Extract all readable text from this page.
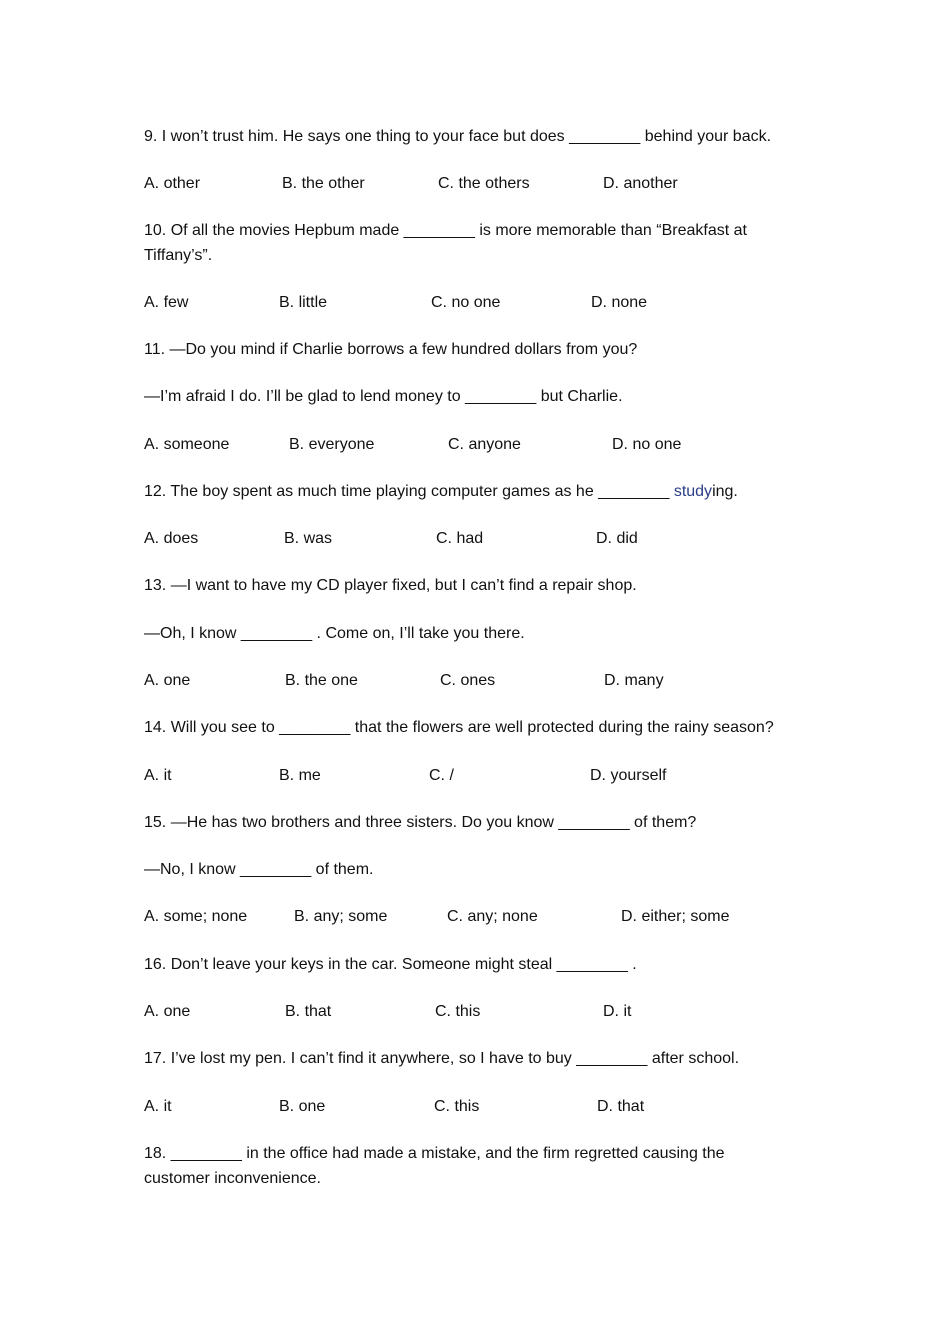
9. I won’t trust him. He says one thing to your face but does ________ behind your back.
A. other	B. the other	C. the others	D. another
10. Of all the movies Hepbum made ________ is more memorable than “Breakfast at Tiffany’s”.
A. few	B. little	C. no one	D. none
11. —Do you mind if Charlie borrows a few hundred dollars from you?
—I’m afraid I do. I’ll be glad to lend money to ________ but Charlie.
A. someone	B. everyone	C. anyone	D. no one
12. The boy spent as much time playing computer games as he ________ studying.
A. does	B. was	C. had	D. did
13. —I want to have my CD player fixed, but I can’t find a repair shop.
—Oh, I know ________ . Come on, I’ll take you there.
A. one	B. the one	C. ones	D. many
14. Will you see to ________ that the flowers are well protected during the rainy season?
A. it	B. me	C. /	D. yourself
15. —He has two brothers and three sisters. Do you know ________ of them?
—No, I know ________ of them.
A. some; none	B. any; some	C. any; none	D. either; some
16. Don’t leave your keys in the car. Someone might steal ________ .
A. one	B. that	C. this	D. it
17. I’ve lost my pen. I can’t find it anywhere, so I have to buy ________ after school.
A. it	B. one	C. this	D. that
18. ________ in the office had made a mistake, and the firm regretted causing the customer inconvenience.
